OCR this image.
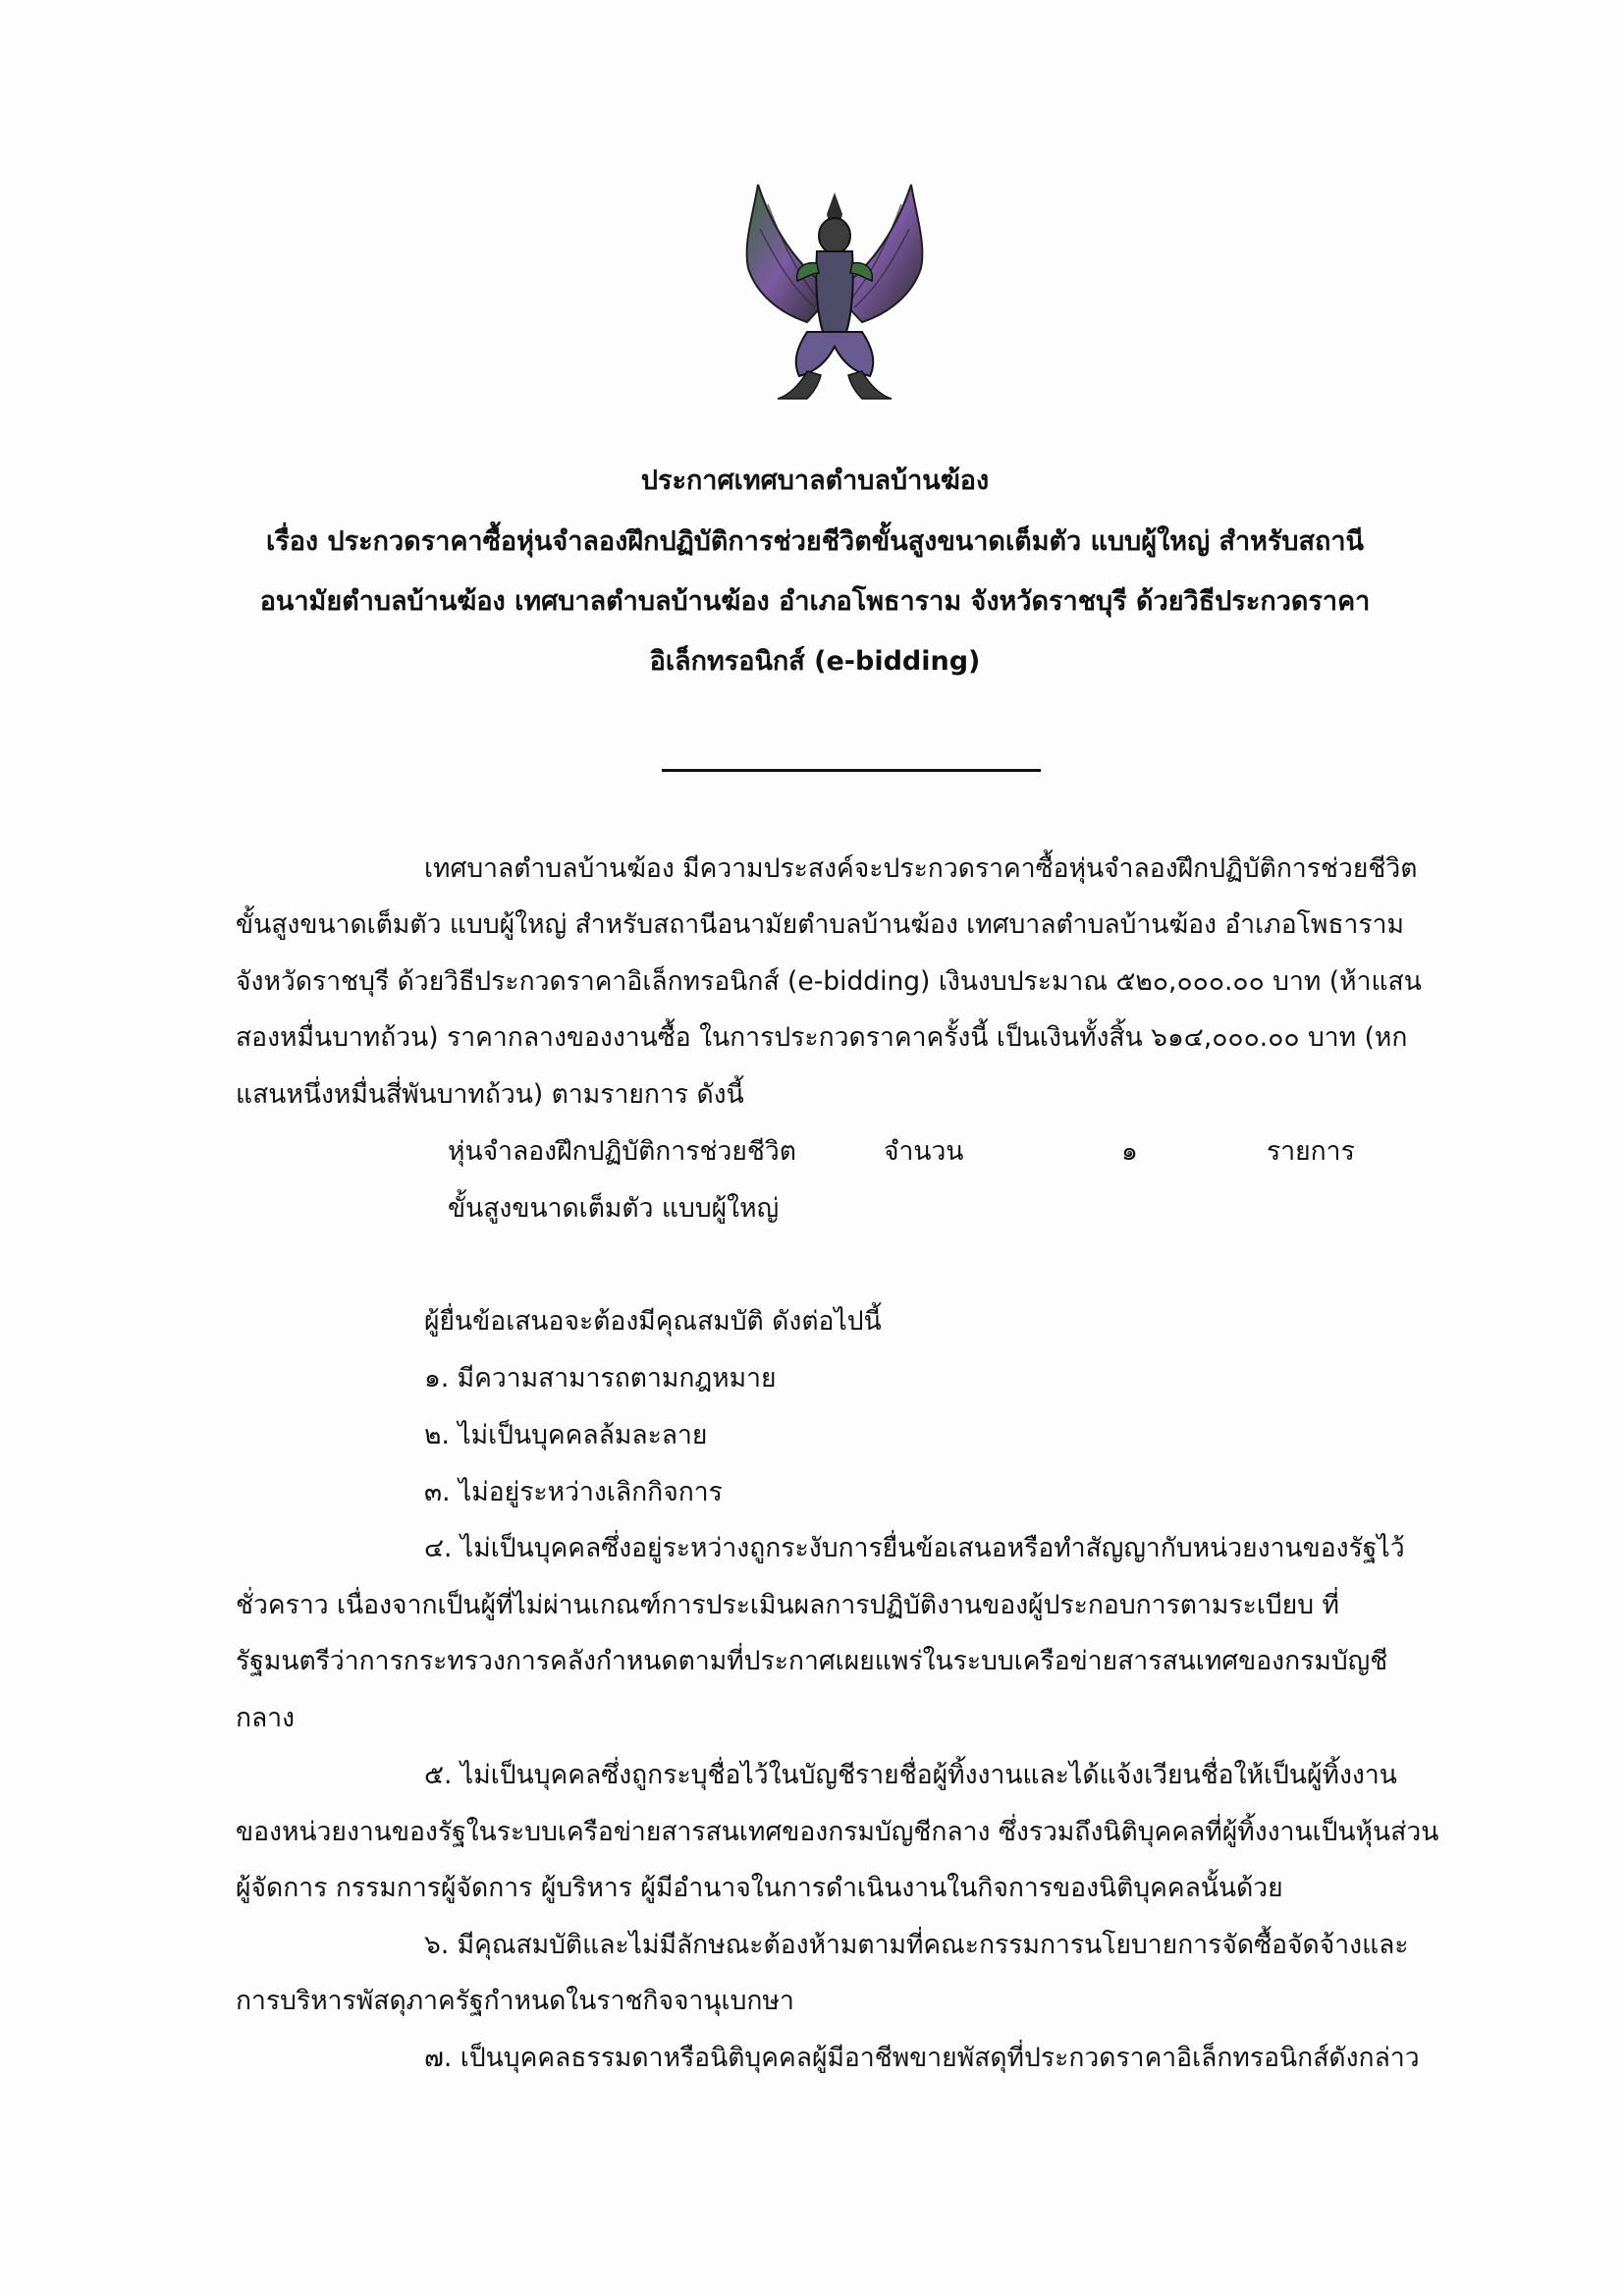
ประกาศเทศบาลตำบลบ้านฆ้อง
เรื่อง ประกวดราคาซื้อหุ่นจำลองฝึกปฏิบัติการช่วยชีวิตขั้นสูงขนาดเต็มตัว แบบผู้ใหญ่ สำหรับสถานี
อนามัยตำบลบ้านฆ้อง เทศบาลตำบลบ้านฆ้อง อำเภอโพธาราม จังหวัดราชบุรี ด้วยวิธีประกวดราคา
อิเล็กทรอนิกส์ (e-bidding)
เทศบาลตำบลบ้านฆ้อง มีความประสงค์จะประกวดราคาซื้อหุ่นจำลองฝึกปฏิบัติการช่วยชีวิต
ขั้นสูงขนาดเต็มตัว แบบผู้ใหญ่ สำหรับสถานีอนามัยตำบลบ้านฆ้อง เทศบาลตำบลบ้านฆ้อง อำเภอโพธาราม
จังหวัดราชบุรี ด้วยวิธีประกวดราคาอิเล็กทรอนิกส์ (e-bidding) เงินงบประมาณ ๕๒๐,๐๐๐.๐๐ บาท (ห้าแสน
สองหมื่นบาทถ้วน) ราคากลางของงานซื้อ ในการประกวดราคาครั้งนี้ เป็นเงินทั้งสิ้น ๖๑๔,๐๐๐.๐๐ บาท (หก
แสนหนึ่งหมื่นสี่พันบาทถ้วน) ตามรายการ ดังนี้
หุ่นจำลองฝึกปฏิบัติการช่วยชีวิต	จำนวน	๑	รายการ
ขั้นสูงขนาดเต็มตัว แบบผู้ใหญ่
ผู้ยื่นข้อเสนอจะต้องมีคุณสมบัติ ดังต่อไปนี้
๑. มีความสามารถตามกฎหมาย
๒. ไม่เป็นบุคคลล้มละลาย
๓. ไม่อยู่ระหว่างเลิกกิจการ
๔. ไม่เป็นบุคคลซึ่งอยู่ระหว่างถูกระงับการยื่นข้อเสนอหรือทำสัญญากับหน่วยงานของรัฐไว้
ชั่วคราว เนื่องจากเป็นผู้ที่ไม่ผ่านเกณฑ์การประเมินผลการปฏิบัติงานของผู้ประกอบการตามระเบียบ ที่
รัฐมนตรีว่าการกระทรวงการคลังกำหนดตามที่ประกาศเผยแพร่ในระบบเครือข่ายสารสนเทศของกรมบัญชี
กลาง
๕. ไม่เป็นบุคคลซึ่งถูกระบุชื่อไว้ในบัญชีรายชื่อผู้ทิ้งงานและได้แจ้งเวียนชื่อให้เป็นผู้ทิ้งงาน
ของหน่วยงานของรัฐในระบบเครือข่ายสารสนเทศของกรมบัญชีกลาง ซึ่งรวมถึงนิติบุคคลที่ผู้ทิ้งงานเป็นหุ้นส่วน
ผู้จัดการ กรรมการผู้จัดการ ผู้บริหาร ผู้มีอำนาจในการดำเนินงานในกิจการของนิติบุคคลนั้นด้วย
๖. มีคุณสมบัติและไม่มีลักษณะต้องห้ามตามที่คณะกรรมการนโยบายการจัดซื้อจัดจ้างและ
การบริหารพัสดุภาครัฐกำหนดในราชกิจจานุเบกษา
๗. เป็นบุคคลธรรมดาหรือนิติบุคคลผู้มีอาชีพขายพัสดุที่ประกวดราคาอิเล็กทรอนิกส์ดังกล่าว
